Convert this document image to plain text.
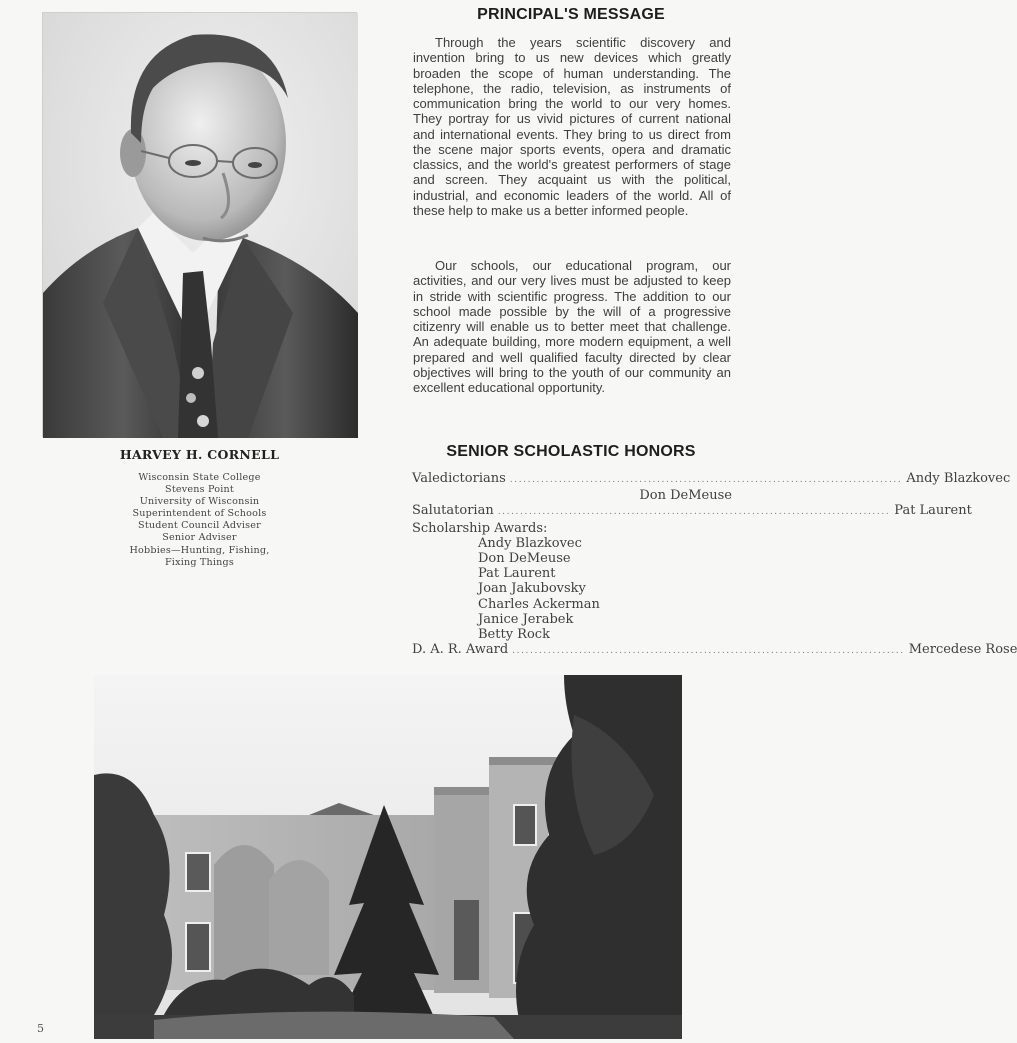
HARVEY H. CORNELL
Wisconsin State College
Stevens Point
University of Wisconsin
Superintendent of Schools
Student Council Adviser
Senior Adviser
Hobbies—Hunting, Fishing,
Fixing Things
PRINCIPAL'S MESSAGE

Through the years scientific discovery and invention bring to us new devices which greatly broaden the scope of human understanding. The telephone, the radio, television, as instruments of communication bring the world to our very homes. They portray for us vivid pictures of current national and international events. They bring to us direct from the scene major sports events, opera and dramatic classics, and the world's greatest performers of stage and screen. They acquaint us with the political, industrial, and economic leaders of the world. All of these help to make us a better informed people.

Our schools, our educational program, our activities, and our very lives must be adjusted to keep in stride with scientific progress. The addition to our school made possible by the will of a progressive citizenry will enable us to better meet that challenge. An adequate building, more modern equipment, a well prepared and well qualified faculty directed by clear objectives will bring to the youth of our community an excellent educational opportunity.

SENIOR SCHOLASTIC HONORS
Valedictorians ........................................................................................ Andy Blazkovec
Don DeMeuse
Salutatorian ........................................................................................ Pat Laurent
Scholarship Awards:
Andy Blazkovec
Don DeMeuse
Pat Laurent
Joan Jakubovsky
Charles Ackerman
Janice Jerabek
Betty Rock
D. A. R. Award ........................................................................................ Mercedese Rose
5
